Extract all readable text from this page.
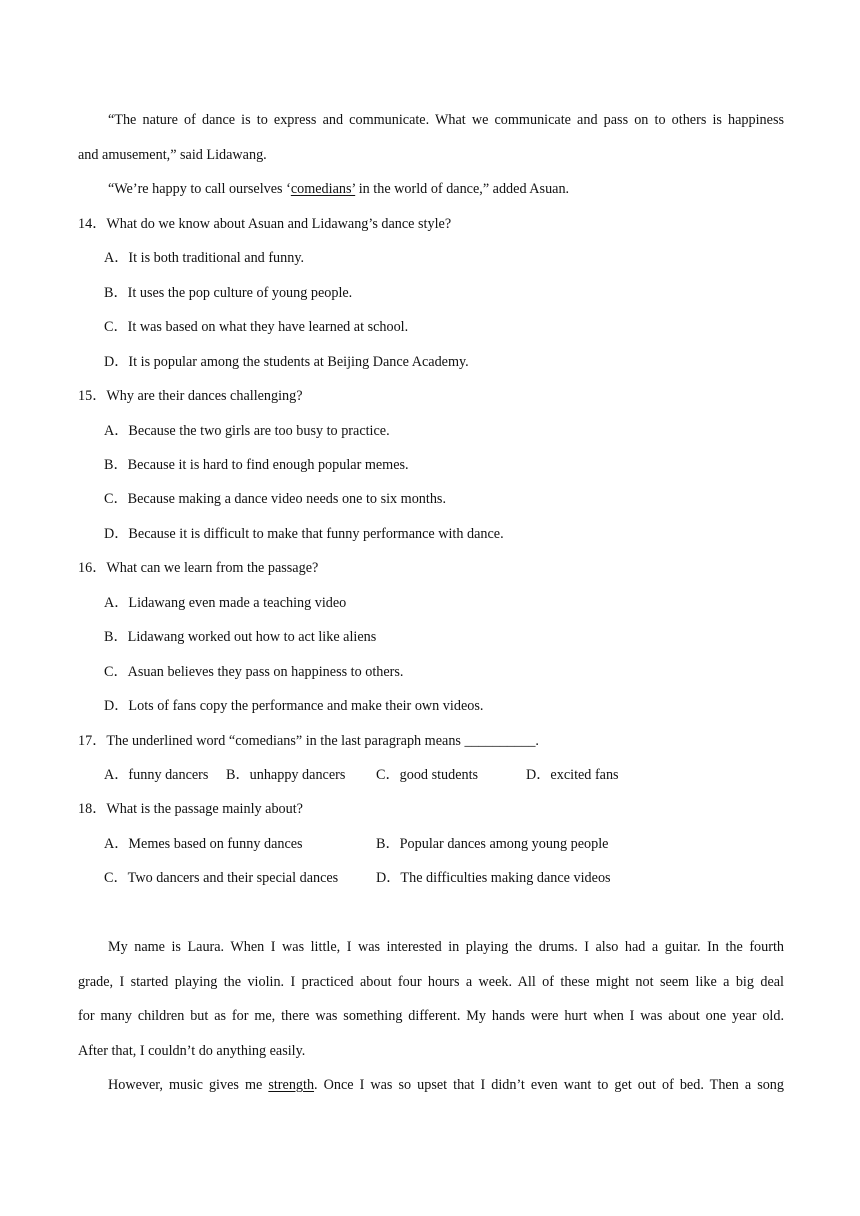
“The nature of dance is to express and communicate. What we communicate and pass on to others is happiness
and amusement,” said Lidawang.
“We’re happy to call ourselves ‘comedians’ in the world of dance,” added Asuan.
14．What do we know about Asuan and Lidawang’s dance style?
A．It is both traditional and funny.
B．It uses the pop culture of young people.
C．It was based on what they have learned at school.
D．It is popular among the students at Beijing Dance Academy.
15．Why are their dances challenging?
A．Because the two girls are too busy to practice.
B．Because it is hard to find enough popular memes.
C．Because making a dance video needs one to six months.
D．Because it is difficult to make that funny performance with dance.
16．What can we learn from the passage?
A．Lidawang even made a teaching video
B．Lidawang worked out how to act like aliens
C．Asuan believes they pass on happiness to others.
D．Lots of fans copy the performance and make their own videos.
17．The underlined word “comedians” in the last paragraph means __________.
A．funny dancers B．unhappy dancers C．good students	D．excited fans
18．What is the passage mainly about?
A．Memes based on funny dances	B．Popular dances among young people
C．Two dancers and their special dances	D．The difficulties making dance videos
My name is Laura. When I was little, I was interested in playing the drums. I also had a guitar. In the fourth
grade, I started playing the violin. I practiced about four hours a week. All of these might not seem like a big deal
for many children but as for me, there was something different. My hands were hurt when I was about one year old.
After that, I couldn’t do anything easily.
However, music gives me strength. Once I was so upset that I didn’t even want to get out of bed. Then a song
